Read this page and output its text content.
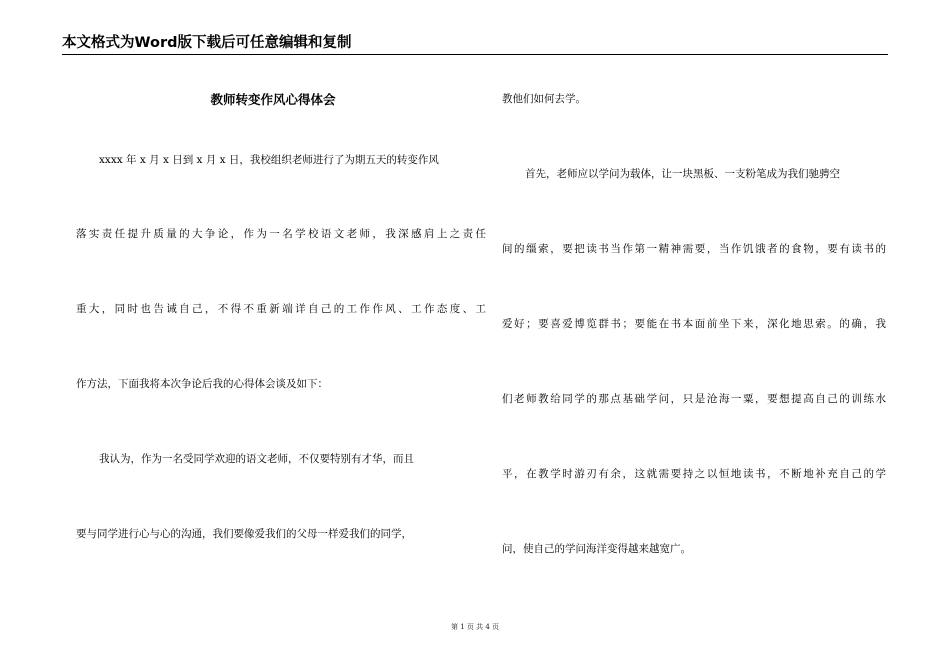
本文格式为Word版下载后可任意编辑和复制
教师转变作风心得体会
xxxx 年 x 月 x 日到 x 月 x 日，我校组织老师进行了为期五天的转变作风
落实责任提升质量的大争论，作为一名学校语文老师，我深感肩上之责任
重大，同时也告诫自己，不得不重新端详自己的工作作风、工作态度、工
作方法，下面我将本次争论后我的心得体会谈及如下：
我认为，作为一名受同学欢迎的语文老师，不仅要特别有才华，而且
要与同学进行心与心的沟通，我们要像爱我们的父母一样爱我们的同学，
教他们如何去学。
首先，老师应以学问为载体，让一块黑板、一支粉笔成为我们驰骋空
间的缰索，要把读书当作第一精神需要，当作饥饿者的食物，要有读书的
爱好；要喜爱博览群书；要能在书本面前坐下来，深化地思索。的确，我
们老师教给同学的那点基础学问，只是沧海一粟，要想提高自己的训练水
平，在教学时游刃有余，这就需要持之以恒地读书，不断地补充自己的学
问，使自己的学问海洋变得越来越宽广。
第 1 页 共 4 页
